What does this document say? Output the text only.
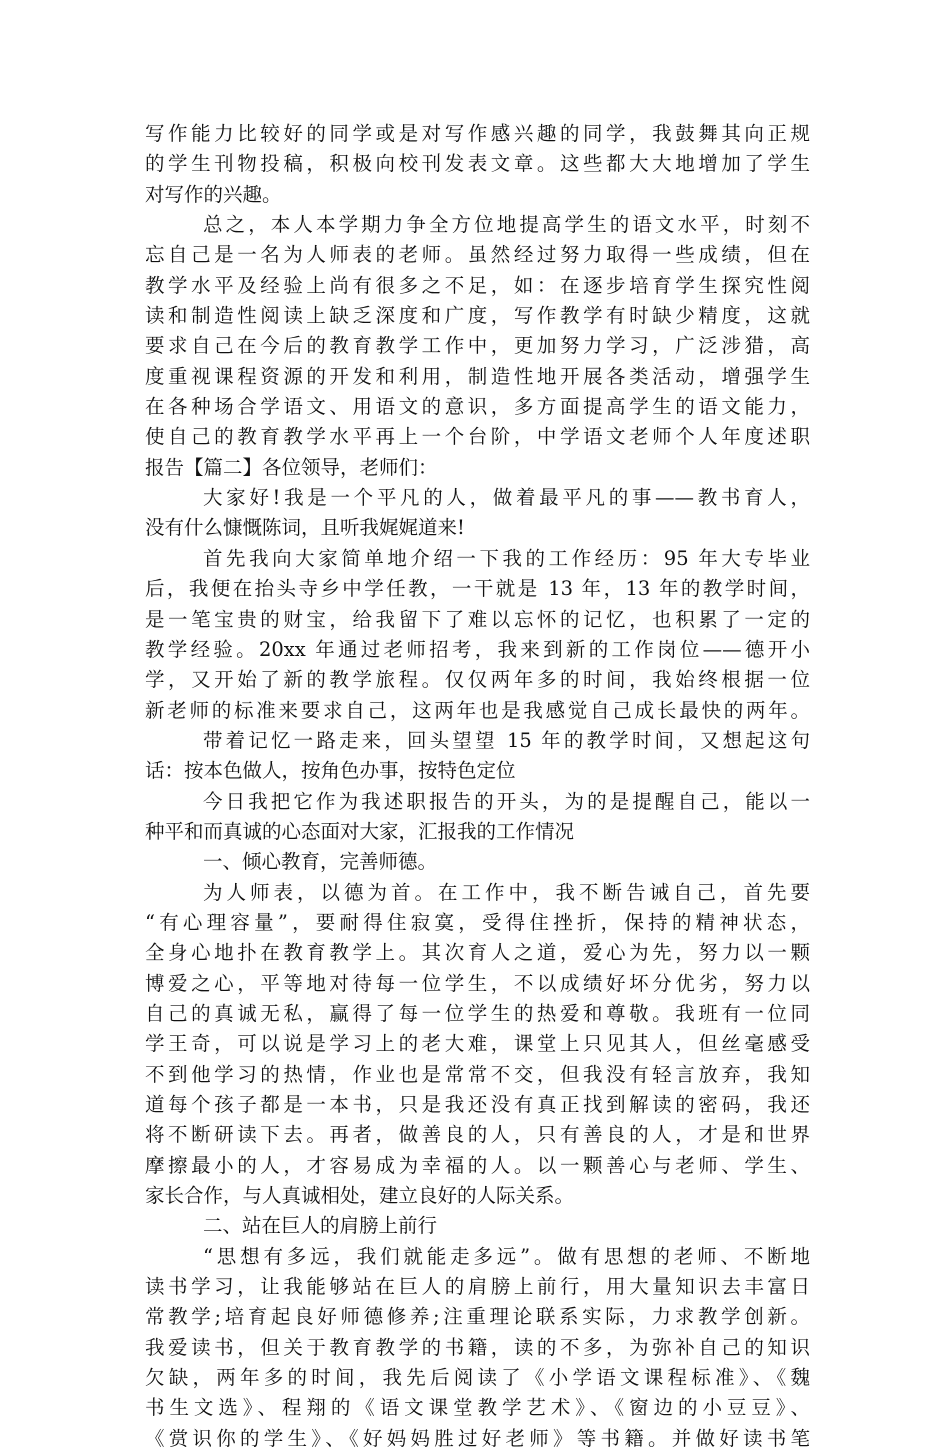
写作能力比较好的同学或是对写作感兴趣的同学，我鼓舞其向正规
的学生刊物投稿，积极向校刊发表文章。这些都大大地增加了学生
对写作的兴趣。
总之，本人本学期力争全方位地提高学生的语文水平，时刻不
忘自己是一名为人师表的老师。虽然经过努力取得一些成绩，但在
教学水平及经验上尚有很多之不足，如：在逐步培育学生探究性阅
读和制造性阅读上缺乏深度和广度，写作教学有时缺少精度，这就
要求自己在今后的教育教学工作中，更加努力学习，广泛涉猎，高
度重视课程资源的开发和利用，制造性地开展各类活动，增强学生
在各种场合学语文、用语文的意识，多方面提高学生的语文能力，
使自己的教育教学水平再上一个台阶，中学语文老师个人年度述职
报告【篇二】各位领导，老师们：
大家好!我是一个平凡的人，做着最平凡的事——教书育人，
没有什么慷慨陈词，且听我娓娓道来!
首先我向大家简单地介绍一下我的工作经历：95 年大专毕业
后，我便在抬头寺乡中学任教，一干就是 13 年，13 年的教学时间，
是一笔宝贵的财宝，给我留下了难以忘怀的记忆，也积累了一定的
教学经验。20xx 年通过老师招考，我来到新的工作岗位——德开小
学，又开始了新的教学旅程。仅仅两年多的时间，我始终根据一位
新老师的标准来要求自己，这两年也是我感觉自己成长最快的两年。
带着记忆一路走来，回头望望 15 年的教学时间，又想起这句
话：按本色做人，按角色办事，按特色定位
今日我把它作为我述职报告的开头，为的是提醒自己，能以一
种平和而真诚的心态面对大家，汇报我的工作情况
一、倾心教育，完善师德。
为人师表，以德为首。在工作中，我不断告诫自己，首先要
“有心理容量”，要耐得住寂寞，受得住挫折，保持的精神状态，
全身心地扑在教育教学上。其次育人之道，爱心为先，努力以一颗
博爱之心，平等地对待每一位学生，不以成绩好坏分优劣，努力以
自己的真诚无私，赢得了每一位学生的热爱和尊敬。我班有一位同
学王奇，可以说是学习上的老大难，课堂上只见其人，但丝毫感受
不到他学习的热情，作业也是常常不交，但我没有轻言放弃，我知
道每个孩子都是一本书，只是我还没有真正找到解读的密码，我还
将不断研读下去。再者，做善良的人，只有善良的人，才是和世界
摩擦最小的人，才容易成为幸福的人。以一颗善心与老师、学生、
家长合作，与人真诚相处，建立良好的人际关系。
二、站在巨人的肩膀上前行
“思想有多远，我们就能走多远”。做有思想的老师、不断地
读书学习，让我能够站在巨人的肩膀上前行，用大量知识去丰富日
常教学;培育起良好师德修养;注重理论联系实际，力求教学创新。
我爱读书，但关于教育教学的书籍，读的不多，为弥补自己的知识
欠缺，两年多的时间，我先后阅读了《小学语文课程标准》、《魏
书生文选》、程翔的《语文课堂教学艺术》、《窗边的小豆豆》、
《赏识你的学生》、《好妈妈胜过好老师》等书籍。并做好读书笔
